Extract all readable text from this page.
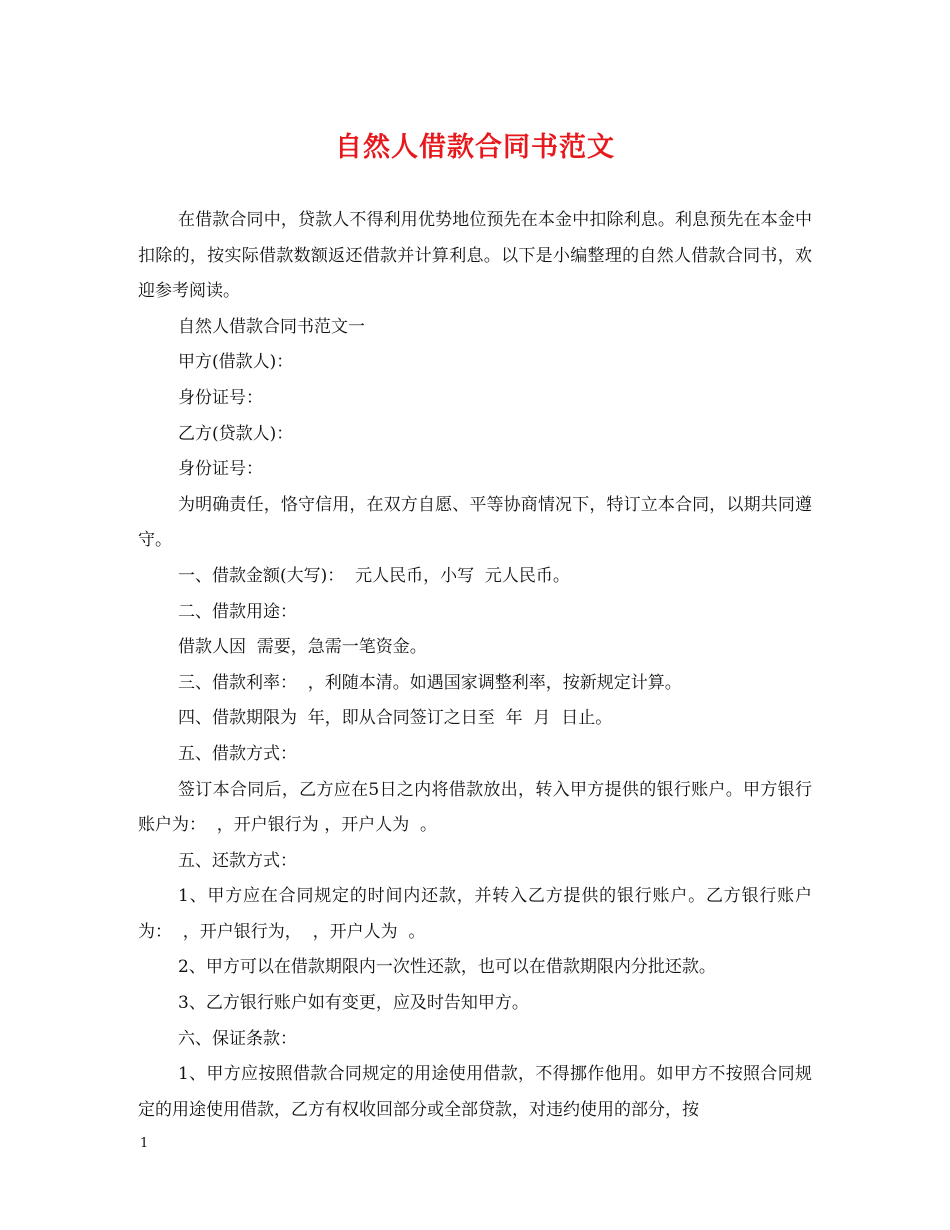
自然人借款合同书范文

在借款合同中，贷款人不得利用优势地位预先在本金中扣除利息。利息预先在本金中扣除的，按实际借款数额返还借款并计算利息。以下是小编整理的自然人借款合同书，欢迎参考阅读。

自然人借款合同书范文一

甲方(借款人)：

身份证号：

乙方(贷款人)：

身份证号：

为明确责任，恪守信用，在双方自愿、平等协商情况下，特订立本合同，以期共同遵守。

一、借款金额(大写)：  元人民币，小写  元人民币。

二、借款用途：

借款人因  需要，急需一笔资金。

三、借款利率：  ，利随本清。如遇国家调整利率，按新规定计算。

四、借款期限为  年，即从合同签订之日至  年  月  日止。

五、借款方式：

签订本合同后，乙方应在5日之内将借款放出，转入甲方提供的银行账户。甲方银行账户为：  ，开户银行为 ，开户人为  。

五、还款方式：

1、甲方应在合同规定的时间内还款，并转入乙方提供的银行账户。乙方银行账户为：  ，开户银行为，  ，开户人为  。

2、甲方可以在借款期限内一次性还款，也可以在借款期限内分批还款。

3、乙方银行账户如有变更，应及时告知甲方。

六、保证条款：

1、甲方应按照借款合同规定的用途使用借款，不得挪作他用。如甲方不按照合同规定的用途使用借款，乙方有权收回部分或全部贷款，对违约使用的部分，按

1
